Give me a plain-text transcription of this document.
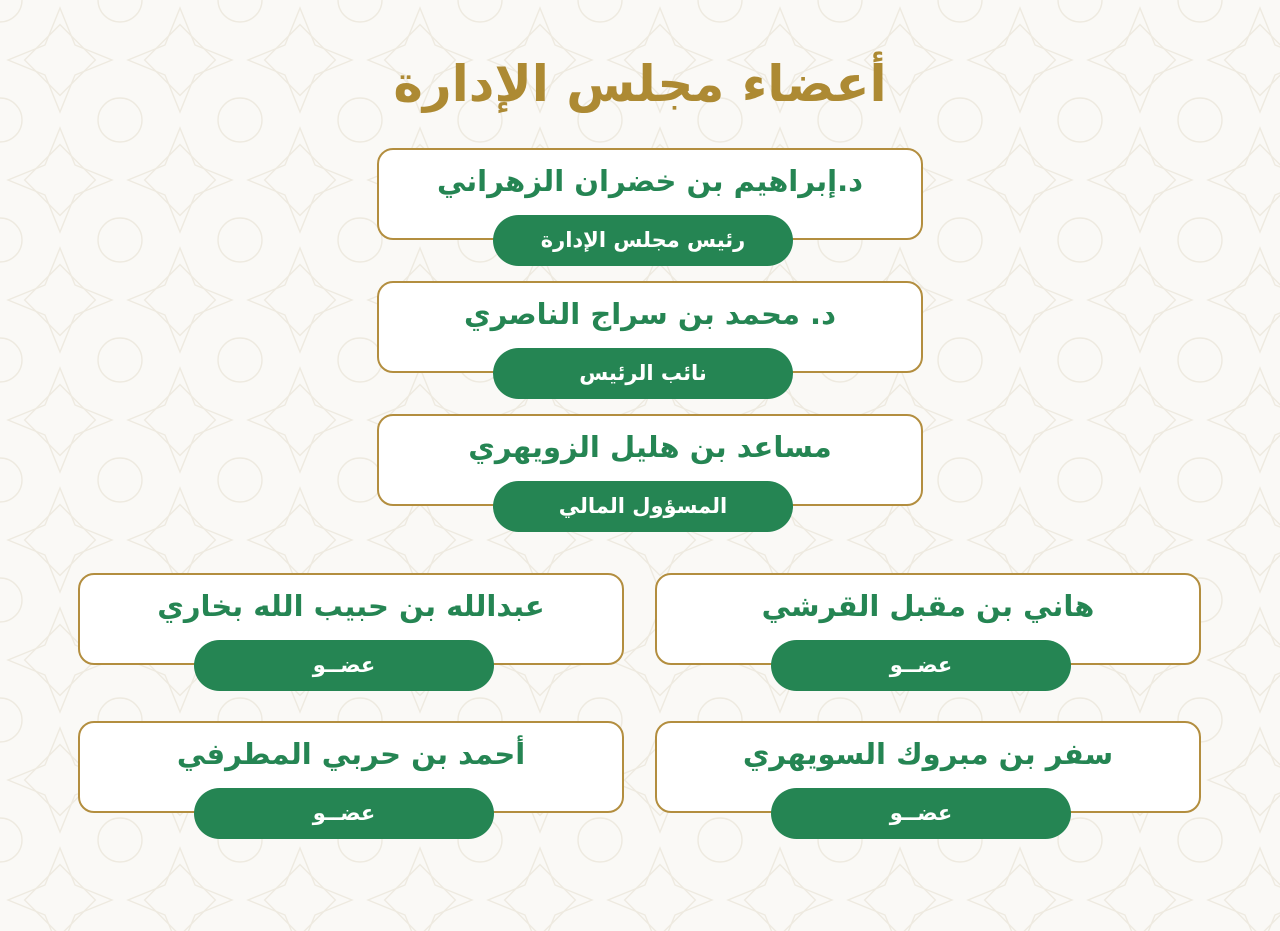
أعضاء مجلس الإدارة
د.إبراهيم بن خضران الزهراني
رئيس مجلس الإدارة
د. محمد بن سراج الناصري
نائب الرئيس
مساعد بن هليل الزويهري
المسؤول المالي
هاني بن مقبل القرشي
عضــو
عبدالله بن حبيب الله بخاري
عضــو
سفر بن مبروك السويهري
عضــو
أحمد بن حربي المطرفي
عضــو
